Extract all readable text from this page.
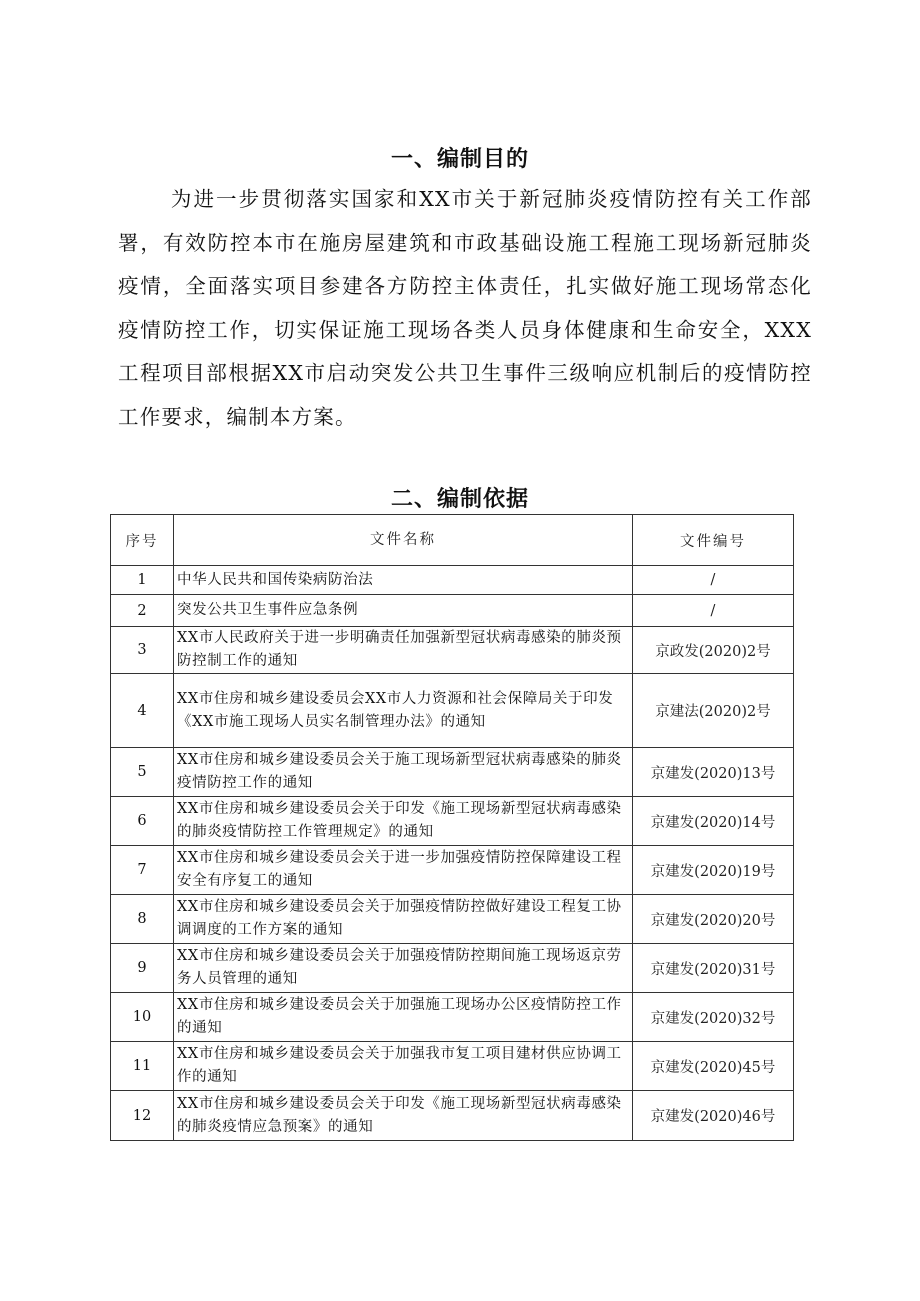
一、编制目的
为进一步贯彻落实国家和XX市关于新冠肺炎疫情防控有关工作部署，有效防控本市在施房屋建筑和市政基础设施工程施工现场新冠肺炎疫情，全面落实项目参建各方防控主体责任，扎实做好施工现场常态化疫情防控工作，切实保证施工现场各类人员身体健康和生命安全，XXX工程项目部根据XX市启动突发公共卫生事件三级响应机制后的疫情防控工作要求，编制本方案。
二、编制依据
序号	文件名称	文件编号
1	中华人民共和国传染病防治法	/
2	突发公共卫生事件应急条例	/
3	XX市人民政府关于进一步明确责任加强新型冠状病毒感染的肺炎预防控制工作的通知	京政发(2020)2号
4	XX市住房和城乡建设委员会XX市人力资源和社会保障局关于印发《XX市施工现场人员实名制管理办法》的通知	京建法(2020)2号
5	XX市住房和城乡建设委员会关于施工现场新型冠状病毒感染的肺炎疫情防控工作的通知	京建发(2020)13号
6	XX市住房和城乡建设委员会关于印发《施工现场新型冠状病毒感染的肺炎疫情防控工作管理规定》的通知	京建发(2020)14号
7	XX市住房和城乡建设委员会关于进一步加强疫情防控保障建设工程安全有序复工的通知	京建发(2020)19号
8	XX市住房和城乡建设委员会关于加强疫情防控做好建设工程复工协调调度的工作方案的通知	京建发(2020)20号
9	XX市住房和城乡建设委员会关于加强疫情防控期间施工现场返京劳务人员管理的通知	京建发(2020)31号
10	XX市住房和城乡建设委员会关于加强施工现场办公区疫情防控工作的通知	京建发(2020)32号
11	XX市住房和城乡建设委员会关于加强我市复工项目建材供应协调工作的通知	京建发(2020)45号
12	XX市住房和城乡建设委员会关于印发《施工现场新型冠状病毒感染的肺炎疫情应急预案》的通知	京建发(2020)46号
